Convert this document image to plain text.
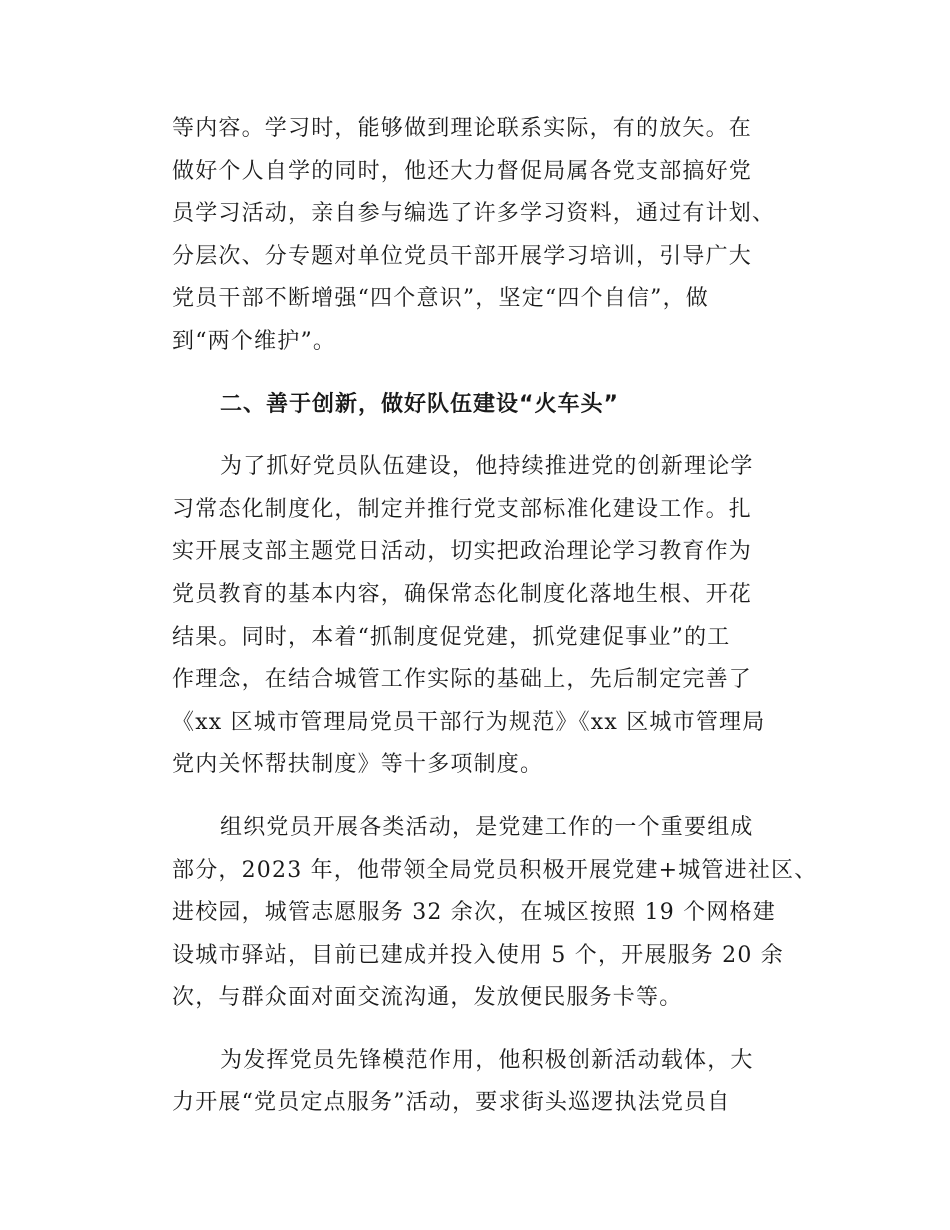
等内容。学习时，能够做到理论联系实际，有的放矢。在
做好个人自学的同时，他还大力督促局属各党支部搞好党
员学习活动，亲自参与编选了许多学习资料，通过有计划、
分层次、分专题对单位党员干部开展学习培训，引导广大
党员干部不断增强“四个意识”，坚定“四个自信”，做
到“两个维护”。

二、善于创新，做好队伍建设“火车头”

为了抓好党员队伍建设，他持续推进党的创新理论学
习常态化制度化，制定并推行党支部标准化建设工作。扎
实开展支部主题党日活动，切实把政治理论学习教育作为
党员教育的基本内容，确保常态化制度化落地生根、开花
结果。同时，本着“抓制度促党建，抓党建促事业”的工
作理念，在结合城管工作实际的基础上，先后制定完善了
《xx 区城市管理局党员干部行为规范》《xx 区城市管理局
党内关怀帮扶制度》等十多项制度。

组织党员开展各类活动，是党建工作的一个重要组成
部分，2023 年，他带领全局党员积极开展党建+城管进社区、
进校园，城管志愿服务 32 余次，在城区按照 19 个网格建
设城市驿站，目前已建成并投入使用 5 个，开展服务 20 余
次，与群众面对面交流沟通，发放便民服务卡等。

为发挥党员先锋模范作用，他积极创新活动载体，大
力开展“党员定点服务”活动，要求街头巡逻执法党员自
